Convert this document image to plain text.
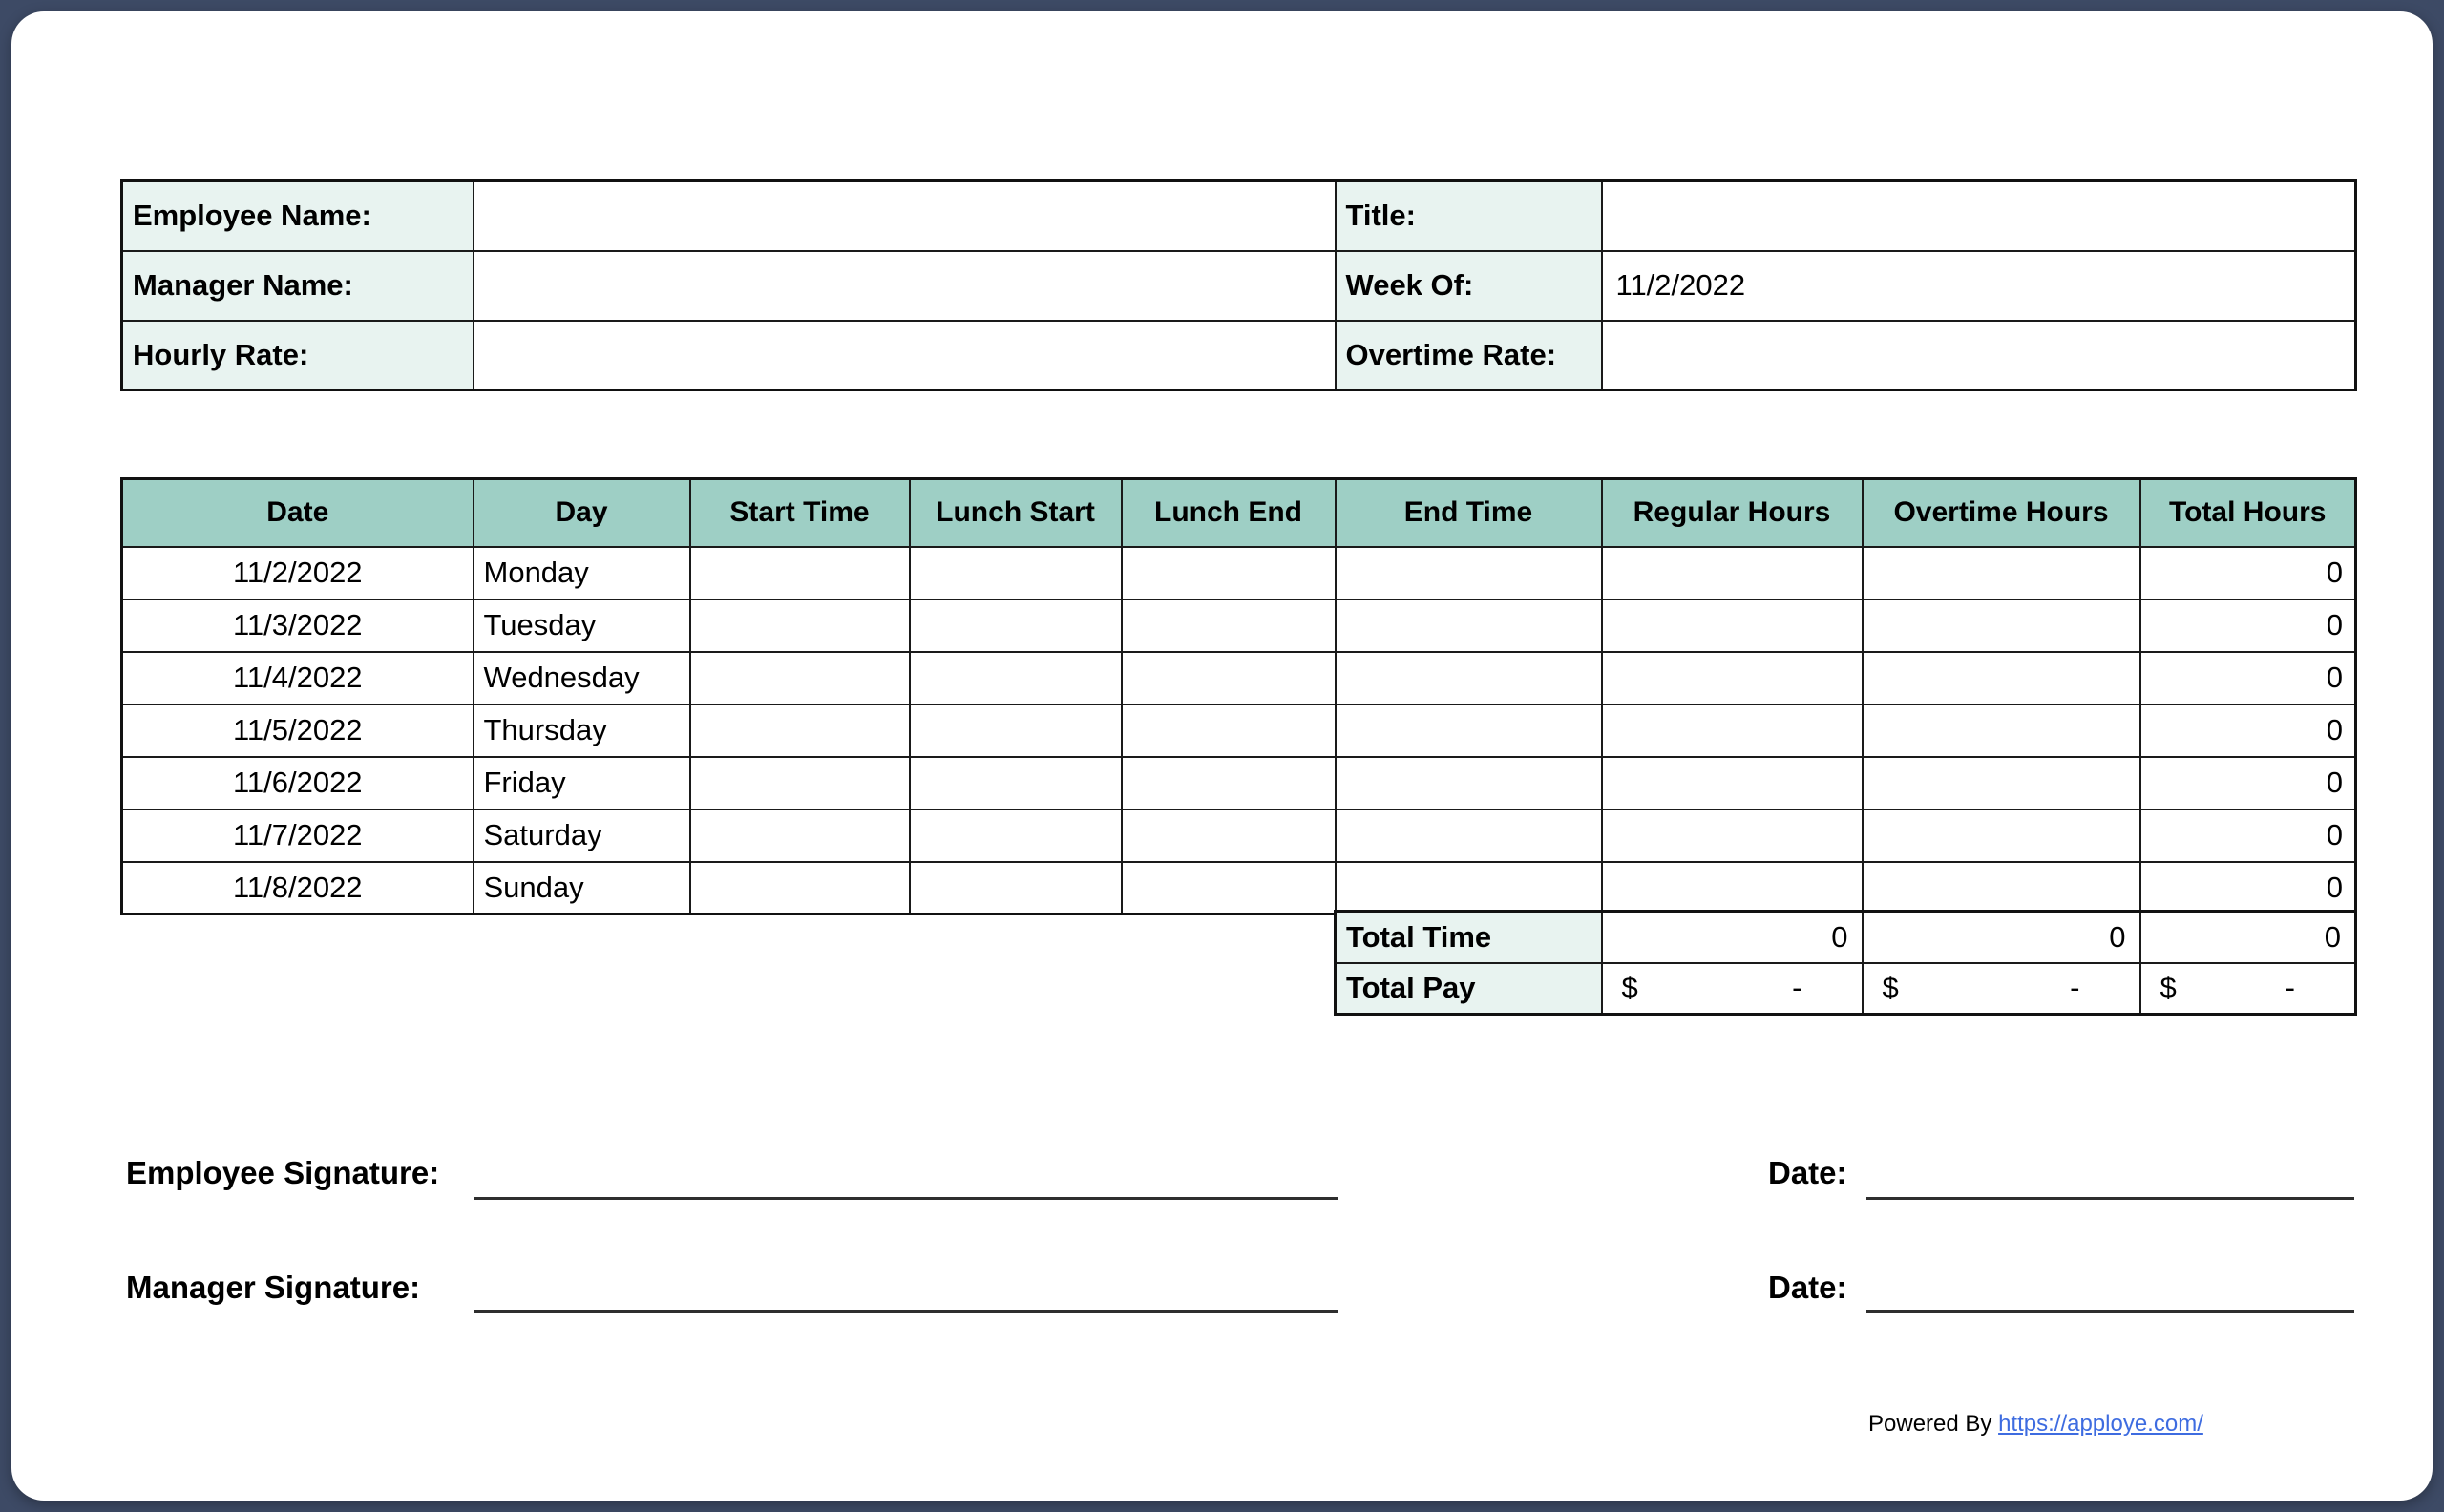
Employee Name:		Title:	
Manager Name:		Week Of:	11/2/2022
Hourly Rate:		Overtime Rate:	
Date	Day	Start Time	Lunch Start	Lunch End	End Time	Regular Hours	Overtime Hours	Total Hours
11/2/2022	Monday							0
11/3/2022	Tuesday							0
11/4/2022	Wednesday							0
11/5/2022	Thursday							0
11/6/2022	Friday							0
11/7/2022	Saturday							0
11/8/2022	Sunday							0
Total Time	0	0	0
Total Pay	$ -	$ -	$ -
Employee Signature:	Date:
Manager Signature:	Date:
Powered By https://apploye.com/
